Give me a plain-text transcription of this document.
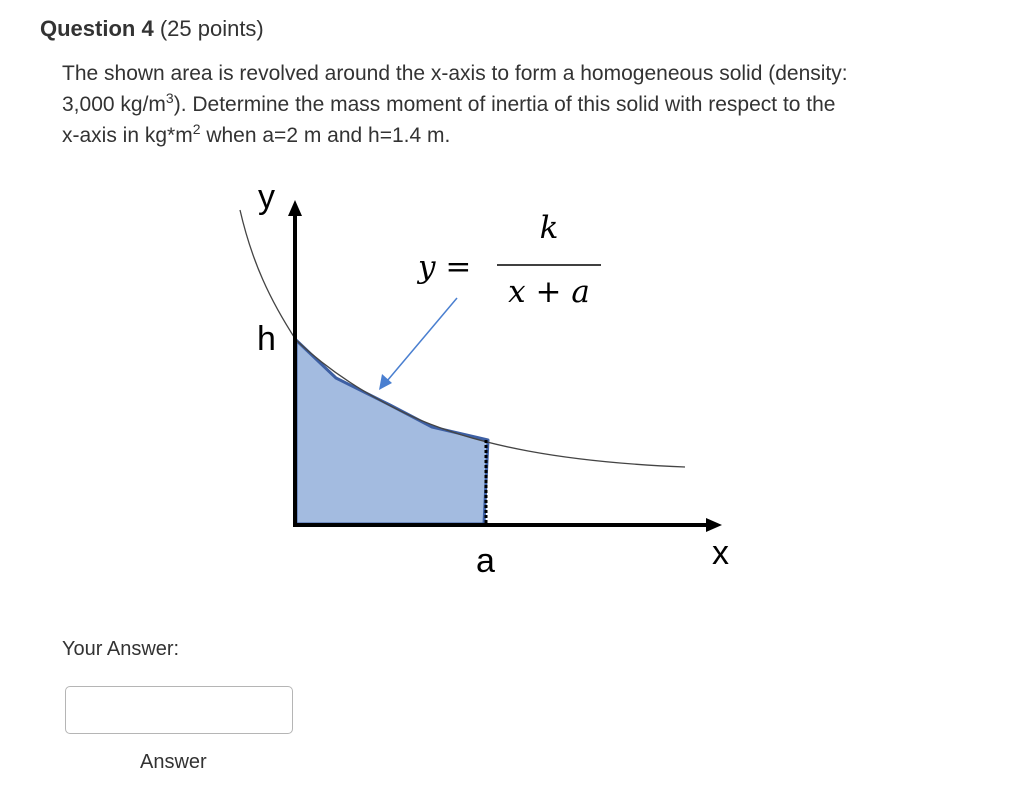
Question 4 (25 points)
The shown area is revolved around the x-axis to form a homogeneous solid (density:
3,000 $kg/m^3$). Determine the mass moment of inertia of this solid with respect to the
x-axis in $kg*m^2$ when a=2 m and h=1.4 m.
y
h
a	x
y =
k
x + a
Your Answer:
Answer
